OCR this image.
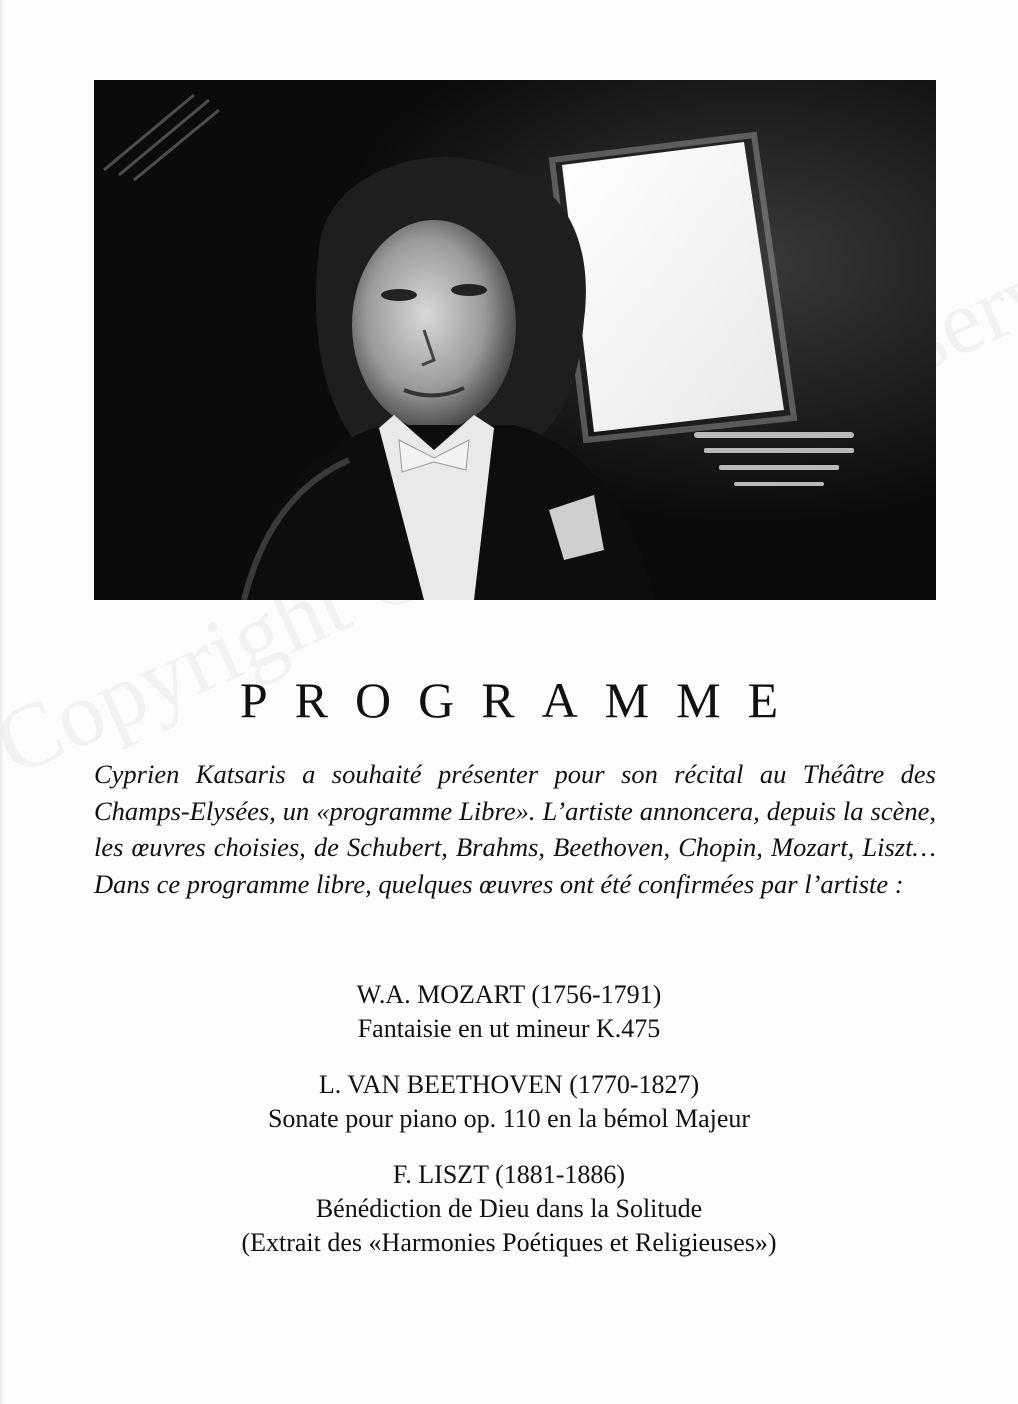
PROGRAMME

Cyprien Katsaris a souhaité présenter pour son récital au Théâtre des Champs-Elysées, un «programme Libre». L’artiste annoncera, depuis la scène, les œuvres choisies, de Schubert, Brahms, Beethoven, Chopin, Mozart, Liszt… Dans ce programme libre, quelques œuvres ont été confirmées par l’artiste :

W.A. MOZART (1756-1791)
Fantaisie en ut mineur K.475
L. VAN BEETHOVEN (1770-1827)
Sonate pour piano op. 110 en la bémol Majeur
F. LISZT (1881-1886)
Bénédiction de Dieu dans la Solitude
(Extrait des «Harmonies Poétiques et Religieuses»)
